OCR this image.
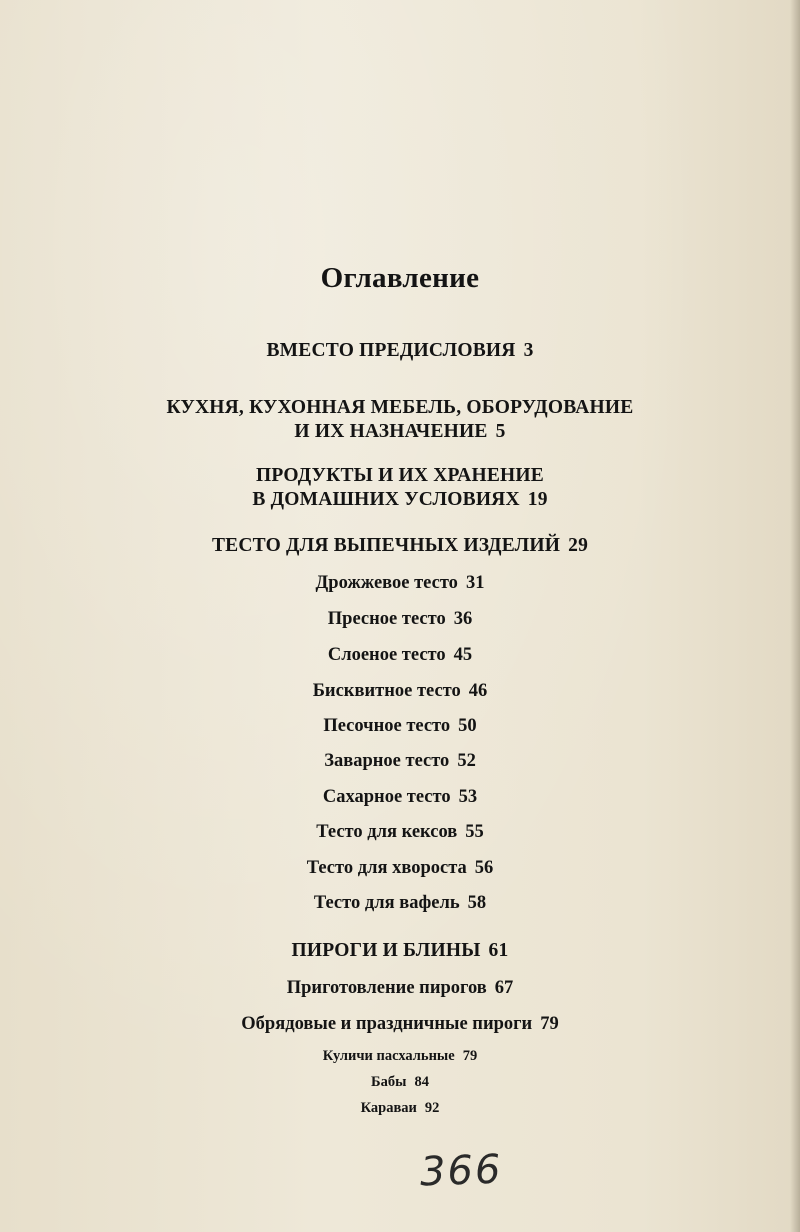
Оглавление
ВМЕСТО ПРЕДИСЛОВИЯ 3
КУХНЯ, КУХОННАЯ МЕБЕЛЬ, ОБОРУДОВАНИЕ
И ИХ НАЗНАЧЕНИЕ 5
ПРОДУКТЫ И ИХ ХРАНЕНИЕ
В ДОМАШНИХ УСЛОВИЯХ 19
ТЕСТО ДЛЯ ВЫПЕЧНЫХ ИЗДЕЛИЙ 29
Дрожжевое тесто 31
Пресное тесто 36
Слоеное тесто 45
Бисквитное тесто 46
Песочное тесто 50
Заварное тесто 52
Сахарное тесто 53
Тесто для кексов 55
Тесто для хвороста 56
Тесто для вафель 58
ПИРОГИ И БЛИНЫ 61
Приготовление пирогов 67
Обрядовые и праздничные пироги 79
Куличи пасхальные 79
Бабы 84
Караваи 92
366
